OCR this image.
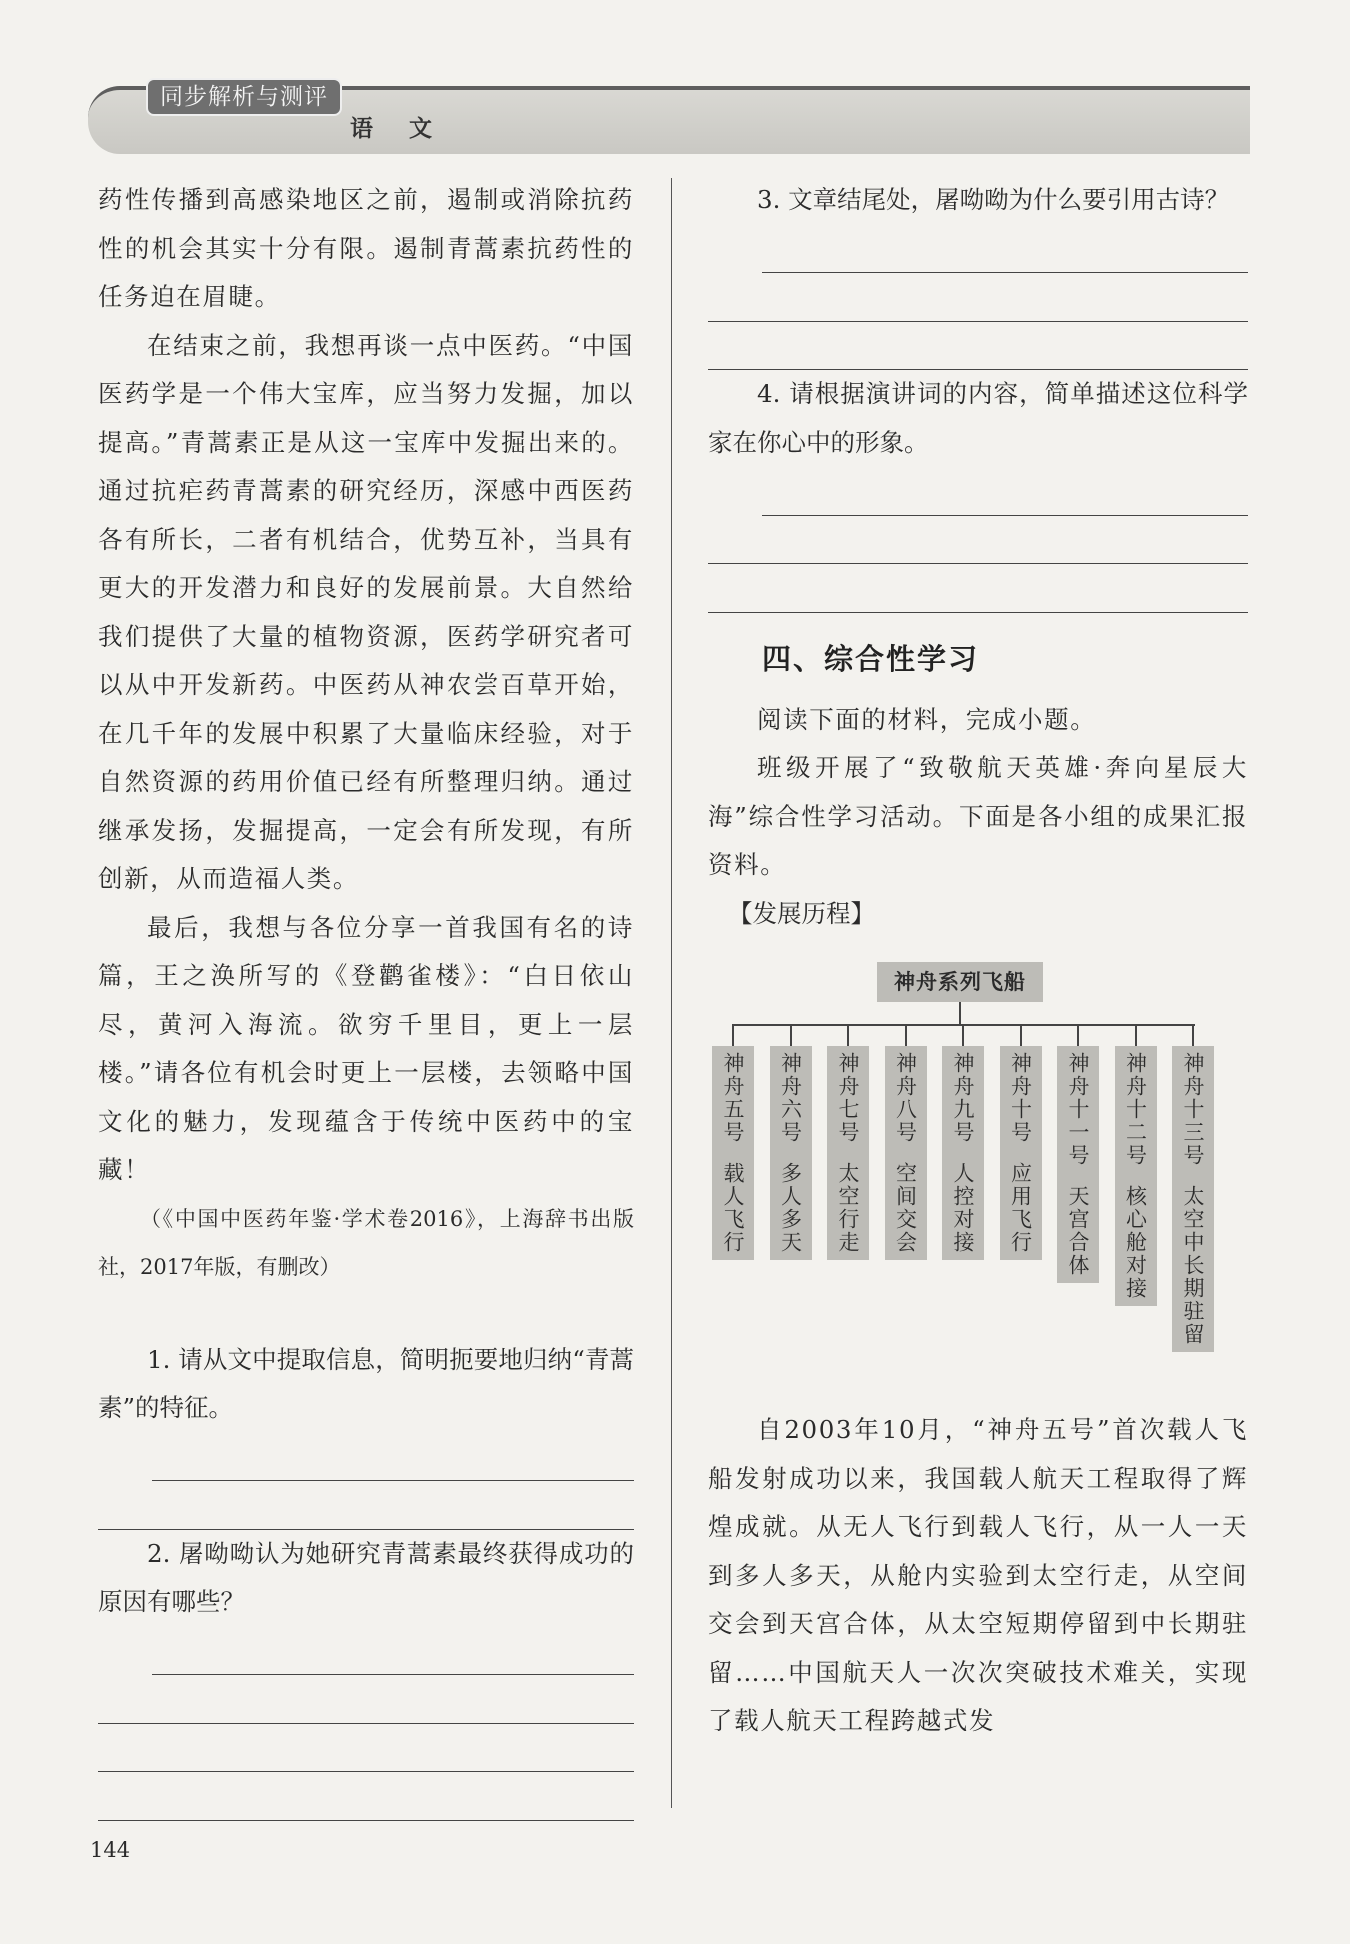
同步解析与测评
语 文

药性传播到高感染地区之前，遏制或消除抗药性的机会其实十分有限。遏制青蒿素抗药性的任务迫在眉睫。

在结束之前，我想再谈一点中医药。“中国医药学是一个伟大宝库，应当努力发掘，加以提高。”青蒿素正是从这一宝库中发掘出来的。通过抗疟药青蒿素的研究经历，深感中西医药各有所长，二者有机结合，优势互补，当具有更大的开发潜力和良好的发展前景。大自然给我们提供了大量的植物资源，医药学研究者可以从中开发新药。中医药从神农尝百草开始，在几千年的发展中积累了大量临床经验，对于自然资源的药用价值已经有所整理归纳。通过继承发扬，发掘提高，一定会有所发现，有所创新，从而造福人类。

最后，我想与各位分享一首我国有名的诗篇，王之涣所写的《登鹳雀楼》：“白日依山尽，黄河入海流。欲穷千里目，更上一层楼。”请各位有机会时更上一层楼，去领略中国文化的魅力，发现蕴含于传统中医药中的宝藏！

（《中国中医药年鉴·学术卷2016》，上海辞书出版社，2017年版，有删改）

1. 请从文中提取信息，简明扼要地归纳“青蒿素”的特征。

2. 屠呦呦认为她研究青蒿素最终获得成功的原因有哪些？

3. 文章结尾处，屠呦呦为什么要引用古诗？

4. 请根据演讲词的内容，简单描述这位科学家在你心中的形象。

四、综合性学习

阅读下面的材料，完成小题。

班级开展了“致敬航天英雄·奔向星辰大海”综合性学习活动。下面是各小组的成果汇报资料。

【发展历程】

神舟系列飞船
神舟五号
载人飞行
神舟六号
多人多天
神舟七号
太空行走
神舟八号
空间交会
神舟九号
人控对接
神舟十号
应用飞行
神舟十一号
天宫合体
神舟十二号
核心舱对接
神舟十三号
太空中长期驻留

自2003年10月，“神舟五号”首次载人飞船发射成功以来，我国载人航天工程取得了辉煌成就。从无人飞行到载人飞行，从一人一天到多人多天，从舱内实验到太空行走，从空间交会到天宫合体，从太空短期停留到中长期驻留……中国航天人一次次突破技术难关，实现了载人航天工程跨越式发

144
